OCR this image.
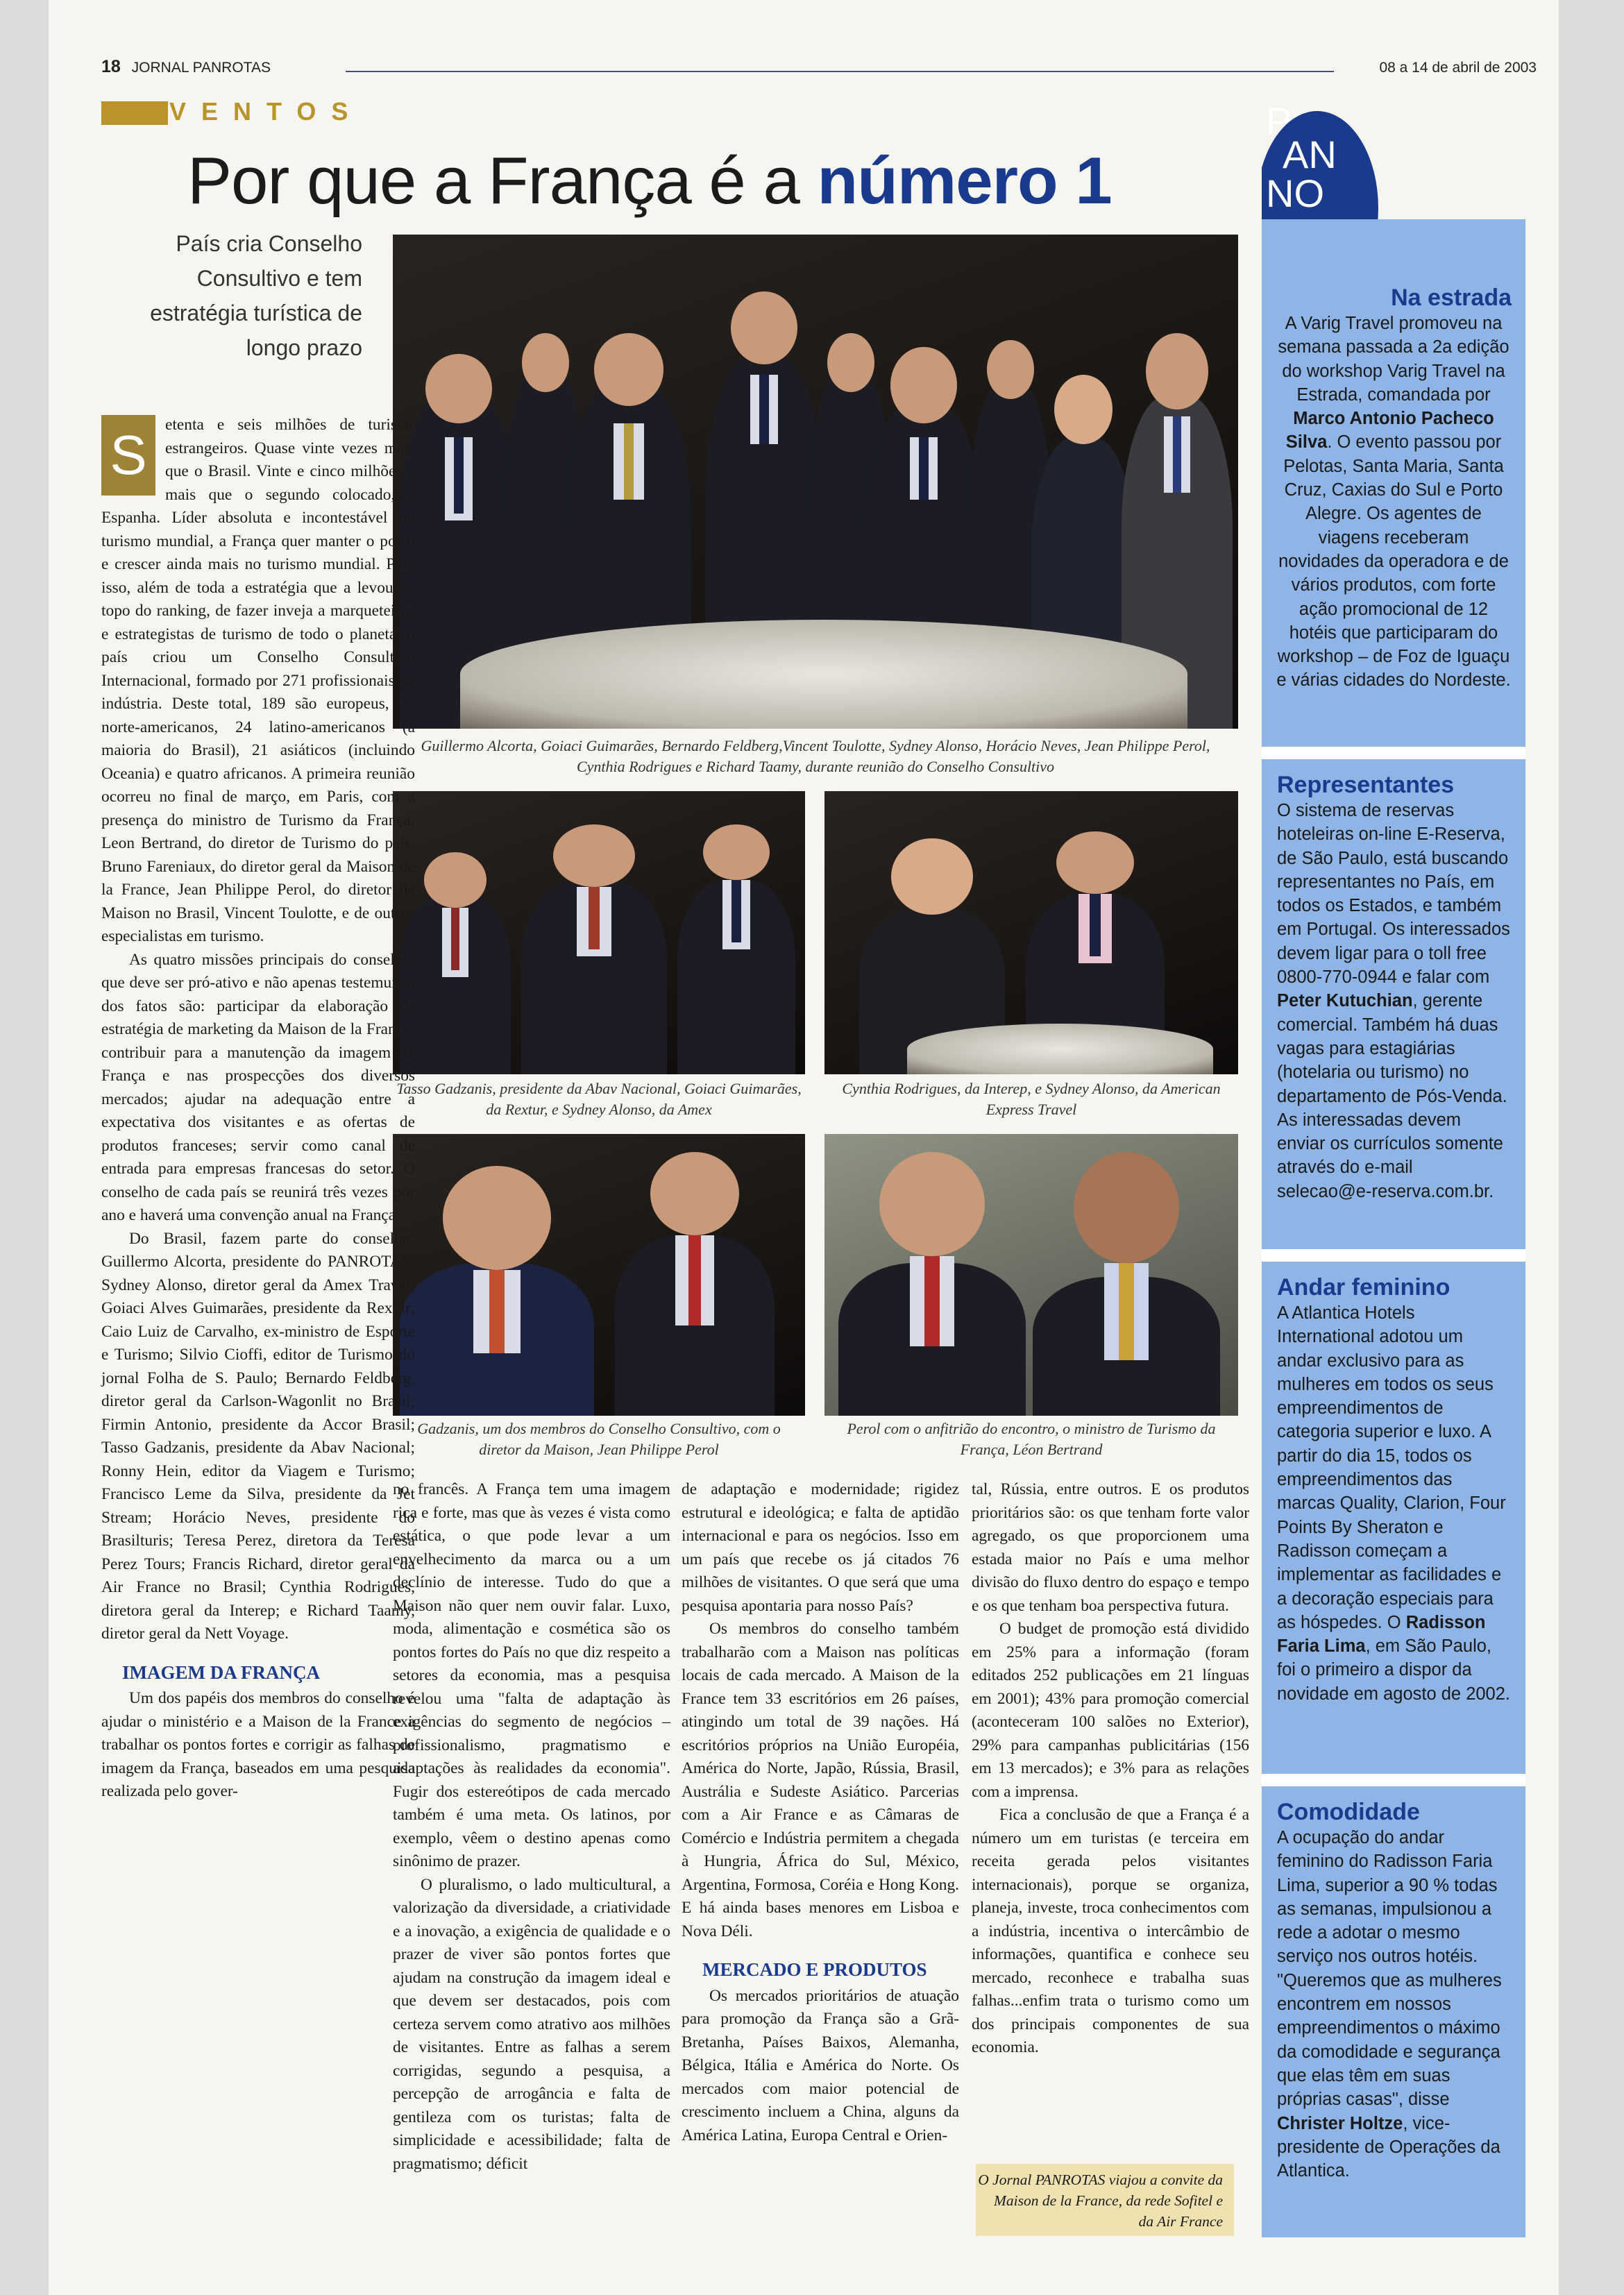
18 JORNAL PANROTAS	08 a 14 de abril de 2003
EVENTOS
Por que a França é a número 1
País cria Conselho Consultivo e tem estratégia turística de longo prazo
Guillermo Alcorta, Goiaci Guimarães, Bernardo Feldberg,Vincent Toulotte, Sydney Alonso, Horácio Neves, Jean Philippe Perol, Cynthia Rodrigues e Richard Taamy, durante reunião do Conselho Consultivo
Tasso Gadzanis, presidente da Abav Nacional, Goiaci Guimarães, da Rextur, e Sydney Alonso, da Amex
Cynthia Rodrigues, da Interep, e Sydney Alonso, da American Express Travel
Gadzanis, um dos membros do Conselho Consultivo, com o diretor da Maison, Jean Philippe Perol
Perol com o anfitrião do encontro, o ministro de Turismo da França, Léon Bertrand

S	etenta e seis milhões de turistas estrangeiros. Quase vinte vezes mais que o Brasil. Vinte e cinco milhões a mais que o segundo colocado, a Espanha. Líder absoluta e incontestável no turismo mundial, a França quer manter o posto e crescer ainda mais no turismo mundial. Para isso, além de toda a estratégia que a levou ao topo do ranking, de fazer inveja a marqueteiros e estrategistas de turismo de todo o planeta, o país criou um Conselho Consultivo Internacional, formado por 271 profissionais da indústria. Deste total, 189 são europeus, 33 norte-americanos, 24 latino-americanos (a maioria do Brasil), 21 asiáticos (incluindo Oceania) e quatro africanos. A primeira reunião ocorreu no final de março, em Paris, com a presença do ministro de Turismo da França, Leon Bertrand, do diretor de Turismo do país, Bruno Fareniaux, do diretor geral da Maison de la France, Jean Philippe Perol, do diretor da Maison no Brasil, Vincent Toulotte, e de outros especialistas em turismo.

As quatro missões principais do conselho, que deve ser pró-ativo e não apenas testemunha dos fatos são: participar da elaboração da estratégia de marketing da Maison de la France; contribuir para a manutenção da imagem da França e nas prospecções dos diversos mercados; ajudar na adequação entre a expectativa dos visitantes e as ofertas de produtos franceses; servir como canal de entrada para empresas francesas do setor. O conselho de cada país se reunirá três vezes por ano e haverá uma convenção anual na França.

Do Brasil, fazem parte do conselho: Guillermo Alcorta, presidente do PANROTAS; Sydney Alonso, diretor geral da Amex Travel; Goiaci Alves Guimarães, presidente da Rextur; Caio Luiz de Carvalho, ex-ministro de Esporte e Turismo; Silvio Cioffi, editor de Turismo do jornal Folha de S. Paulo; Bernardo Feldberg, diretor geral da Carlson-Wagonlit no Brasil; Firmin Antonio, presidente da Accor Brasil; Tasso Gadzanis, presidente da Abav Nacional; Ronny Hein, editor da Viagem e Turismo; Francisco Leme da Silva, presidente da Jet Stream; Horácio Neves, presidente do Brasilturis; Teresa Perez, diretora da Teresa Perez Tours; Francis Richard, diretor geral da Air France no Brasil; Cynthia Rodrigues, diretora geral da Interep; e Richard Taamy, diretor geral da Nett Voyage.

IMAGEM DA FRANÇA

Um dos papéis dos membros do conselho é ajudar o ministério e a Maison de la France a trabalhar os pontos fortes e corrigir as falhas de imagem da França, baseados em uma pesquisa realizada pelo gover-

no francês. A França tem uma imagem rica e forte, mas que às vezes é vista como estática, o que pode levar a um envelhecimento da marca ou a um declínio de interesse. Tudo do que a Maison não quer nem ouvir falar. Luxo, moda, alimentação e cosmética são os pontos fortes do País no que diz respeito a setores da economia, mas a pesquisa revelou uma "falta de adaptação às exigências do segmento de negócios – profissionalismo, pragmatismo e adaptações às realidades da economia". Fugir dos estereótipos de cada mercado também é uma meta. Os latinos, por exemplo, vêem o destino apenas como sinônimo de prazer.

O pluralismo, o lado multicultural, a valorização da diversidade, a criatividade e a inovação, a exigência de qualidade e o prazer de viver são pontos fortes que ajudam na construção da imagem ideal e que devem ser destacados, pois com certeza servem como atrativo aos milhões de visitantes. Entre as falhas a serem corrigidas, segundo a pesquisa, a percepção de arrogância e falta de gentileza com os turistas; falta de simplicidade e acessibilidade; falta de pragmatismo; déficit

de adaptação e modernidade; rigidez estrutural e ideológica; e falta de aptidão internacional e para os negócios. Isso em um país que recebe os já citados 76 milhões de visitantes. O que será que uma pesquisa apontaria para nosso País?

Os membros do conselho também trabalharão com a Maison nas políticas locais de cada mercado. A Maison de la France tem 33 escritórios em 26 países, atingindo um total de 39 nações. Há escritórios próprios na União Européia, América do Norte, Japão, Rússia, Brasil, Austrália e Sudeste Asiático. Parcerias com a Air France e as Câmaras de Comércio e Indústria permitem a chegada à Hungria, África do Sul, México, Argentina, Formosa, Coréia e Hong Kong. E há ainda bases menores em Lisboa e Nova Déli.

MERCADO E PRODUTOS

Os mercados prioritários de atuação para promoção da França são a Grã-Bretanha, Países Baixos, Alemanha, Bélgica, Itália e América do Norte. Os mercados com maior potencial de crescimento incluem a China, alguns da América Latina, Europa Central e Orien-

tal, Rússia, entre outros. E os produtos prioritários são: os que tenham forte valor agregado, os que proporcionem uma estada maior no País e uma melhor divisão do fluxo dentro do espaço e tempo e os que tenham boa perspectiva futura.

O budget de promoção está dividido em 25% para a informação (foram editados 252 publicações em 21 línguas em 2001); 43% para promoção comercial (aconteceram 100 salões no Exterior), 29% para campanhas publicitárias (156 em 13 mercados); e 3% para as relações com a imprensa.

Fica a conclusão de que a França é a número um em turistas (e terceira em receita gerada pelos visitantes internacionais), porque se organiza, planeja, investe, troca conhecimentos com a indústria, incentiva o intercâmbio de informações, quantifica e conhece seu mercado, reconhece e trabalha suas falhas...enfim trata o turismo como um dos principais componentes de sua economia.

O Jornal PANROTAS viajou a convite da Maison de la France, da rede Sofitel e da Air France
P
AN
NO

Na estrada

A Varig Travel promoveu na semana passada a 2a edição do workshop Varig Travel na Estrada, comandada por Marco Antonio Pacheco Silva. O evento passou por Pelotas, Santa Maria, Santa Cruz, Caxias do Sul e Porto Alegre. Os agentes de viagens receberam novidades da operadora e de vários produtos, com forte ação promocional de 12 hotéis que participaram do workshop – de Foz de Iguaçu e várias cidades do Nordeste.

Representantes

O sistema de reservas hoteleiras on-line E-Reserva, de São Paulo, está buscando representantes no País, em todos os Estados, e também em Portugal. Os interessados devem ligar para o toll free 0800-770-0944 e falar com Peter Kutuchian, gerente comercial. Também há duas vagas para estagiárias (hotelaria ou turismo) no departamento de Pós-Venda. As interessadas devem enviar os currículos somente através do e-mail selecao@e-reserva.com.br.

Andar feminino

A Atlantica Hotels International adotou um andar exclusivo para as mulheres em todos os seus empreendimentos de categoria superior e luxo. A partir do dia 15, todos os empreendimentos das marcas Quality, Clarion, Four Points By Sheraton e Radisson começam a implementar as facilidades e a decoração especiais para as hóspedes. O Radisson Faria Lima, em São Paulo, foi o primeiro a dispor da novidade em agosto de 2002.

Comodidade

A ocupação do andar feminino do Radisson Faria Lima, superior a 90 % todas as semanas, impulsionou a rede a adotar o mesmo serviço nos outros hotéis. "Queremos que as mulheres encontrem em nossos empreendimentos o máximo da comodidade e segurança que elas têm em suas próprias casas", disse Christer Holtze, vice-presidente de Operações da Atlantica.
